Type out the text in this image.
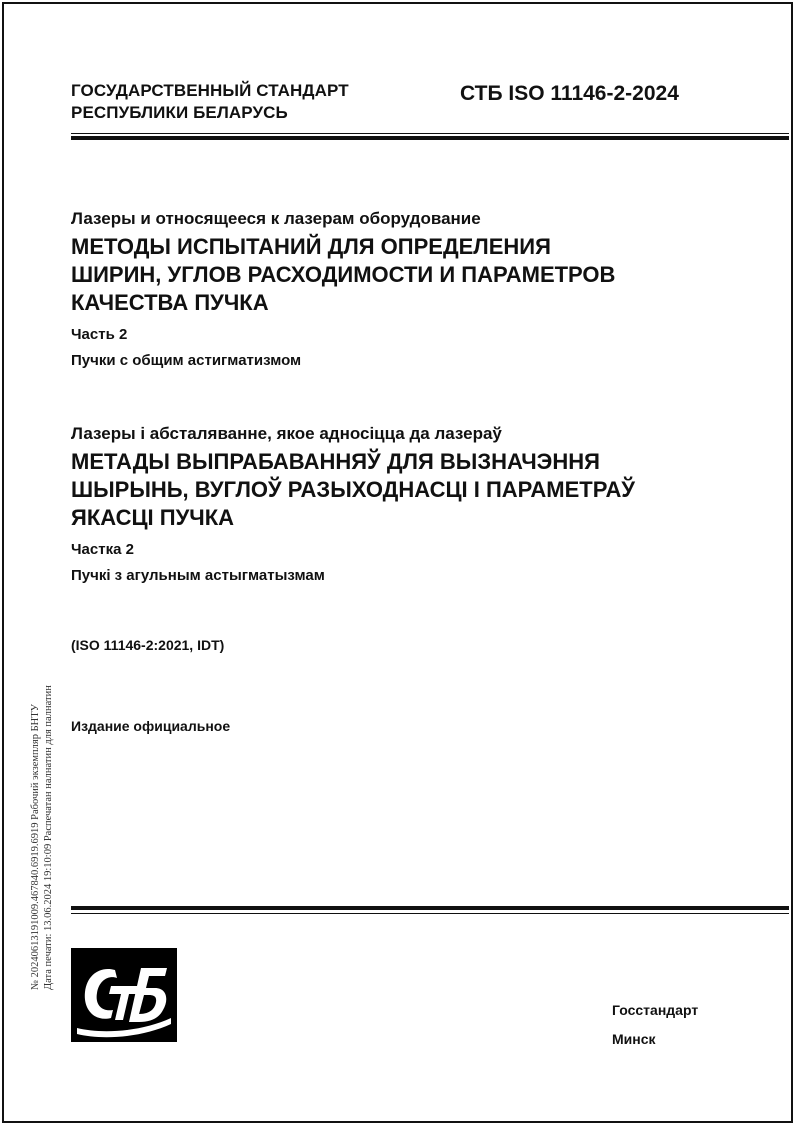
ГОСУДАРСТВЕННЫЙ СТАНДАРТ
РЕСПУБЛИКИ БЕЛАРУСЬ
СТБ ISO 11146-2-2024
Лазеры и относящееся к лазерам оборудование
МЕТОДЫ ИСПЫТАНИЙ ДЛЯ ОПРЕДЕЛЕНИЯ
ШИРИН, УГЛОВ РАСХОДИМОСТИ И ПАРАМЕТРОВ
КАЧЕСТВА ПУЧКА
Часть 2
Пучки с общим астигматизмом
Лазеры і абсталяванне, якое адносіцца да лазераў
МЕТАДЫ ВЫПРАБАВАННЯЎ ДЛЯ ВЫЗНАЧЭННЯ
ШЫРЫНЬ, ВУГЛОЎ РАЗЫХОДНАСЦІ І ПАРАМЕТРАЎ
ЯКАСЦІ ПУЧКА
Частка 2
Пучкі з агульным астыгматызмам
(ISO 11146-2:2021, IDT)
Издание официальное
№ 20240613191009.467840.6919.6919 Рабочий экземпляр БНТУ Дата печати: 13.06.2024 19:10:09 Распечатан налнатин для палнатин
Госстандарт
Минск
